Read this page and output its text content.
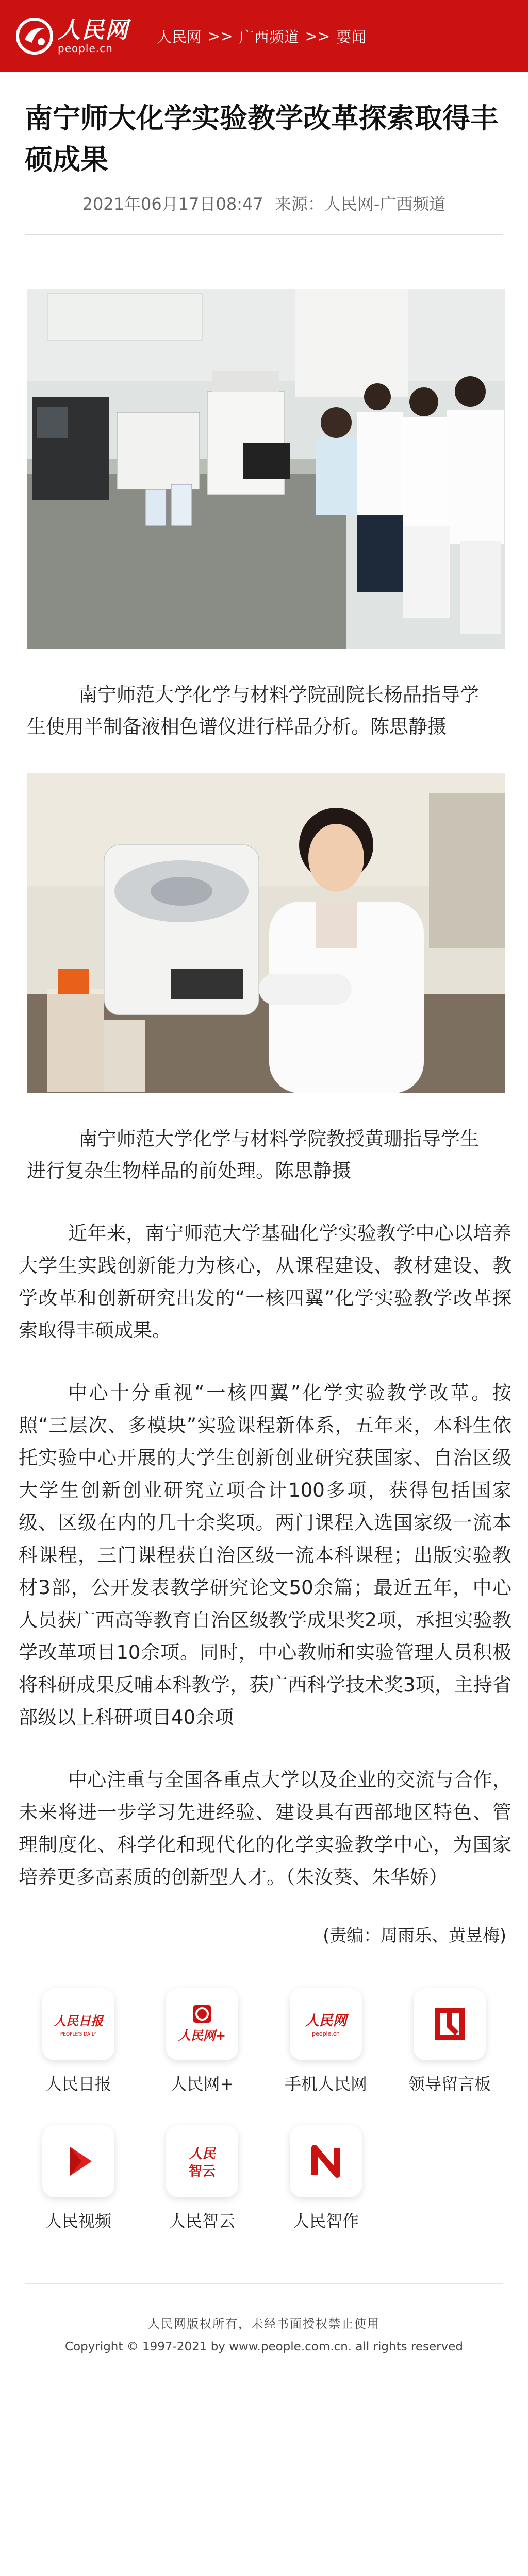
人民网
people.cn
人民网 >> 广西频道 >> 要闻
南宁师大化学实验教学改革探索取得丰硕成果
2021年06月17日08:47 来源：人民网-广西频道

南宁师范大学化学与材料学院副院长杨晶指导学生使用半制备液相色谱仪进行样品分析。陈思静摄

南宁师范大学化学与材料学院教授黄珊指导学生进行复杂生物样品的前处理。陈思静摄

近年来，南宁师范大学基础化学实验教学中心以培养大学生实践创新能力为核心，从课程建设、教材建设、教学改革和创新研究出发的“一核四翼”化学实验教学改革探索取得丰硕成果。

中心十分重视“一核四翼”化学实验教学改革。按照“三层次、多模块”实验课程新体系，五年来，本科生依托实验中心开展的大学生创新创业研究获国家、自治区级大学生创新创业研究立项合计100多项，获得包括国家级、区级在内的几十余奖项。两门课程入选国家级一流本科课程，三门课程获自治区级一流本科课程；出版实验教材3部，公开发表教学研究论文50余篇；最近五年，中心人员获广西高等教育自治区级教学成果奖2项，承担实验教学改革项目10余项。同时，中心教师和实验管理人员积极将科研成果反哺本科教学，获广西科学技术奖3项，主持省部级以上科研项目40余项

中心注重与全国各重点大学以及企业的交流与合作，未来将进一步学习先进经验、建设具有西部地区特色、管理制度化、科学化和现代化的化学实验教学中心，为国家培养更多高素质的创新型人才。（朱汝葵、朱华娇）

(责编：周雨乐、黄昱梅)
人民日报
PEOPLE'S DAILY
人民日报
人民网+
人民网+
人民网
people.cn
手机人民网 领导留言板
人民视频
人民
智云
人民智云	人民智作
人民网版权所有，未经书面授权禁止使用
Copyright © 1997-2021 by www.people.com.cn. all rights reserved
